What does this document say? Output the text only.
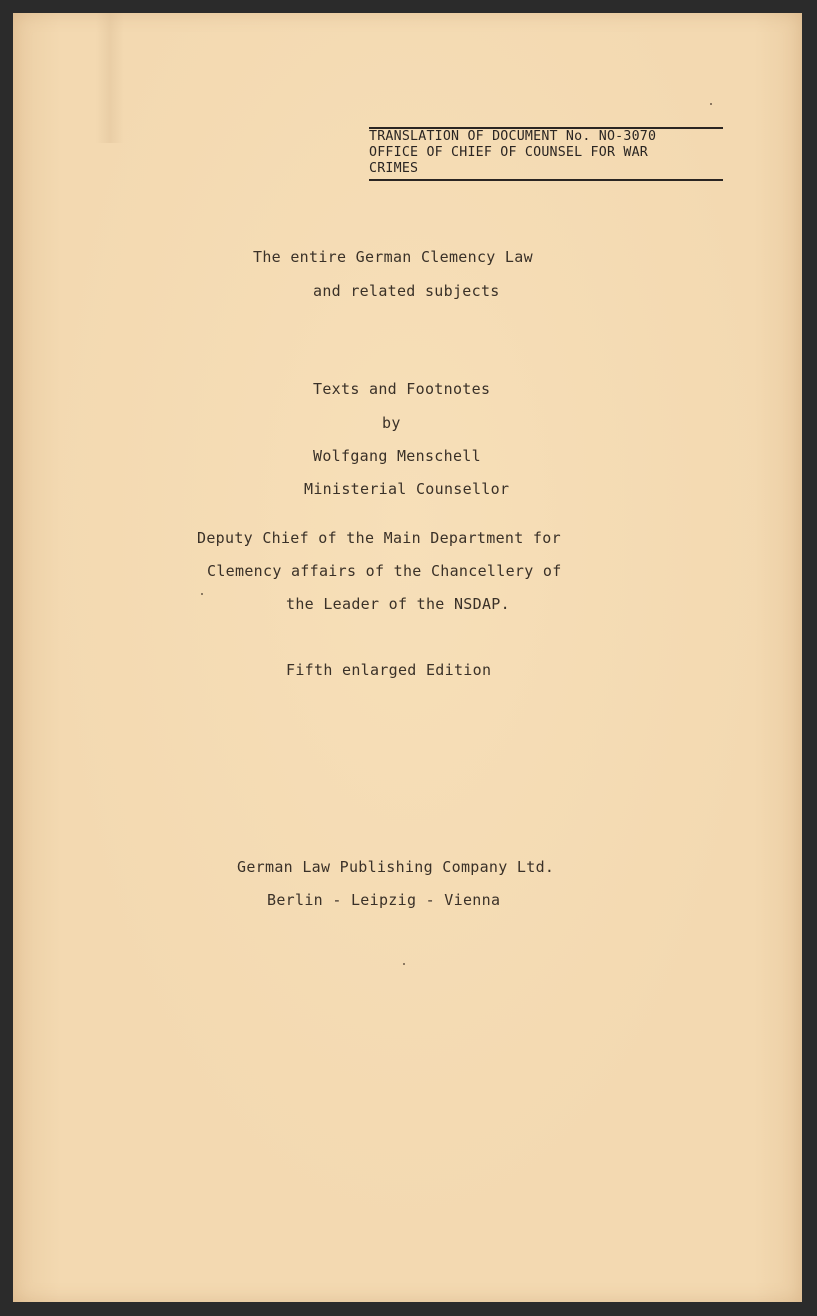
TRANSLATION OF DOCUMENT No. NO-3070
OFFICE OF CHIEF OF COUNSEL FOR WAR
CRIMES
The entire German Clemency Law
and related subjects
Texts and Footnotes
by
Wolfgang Menschell
Ministerial Counsellor
Deputy Chief of the Main Department for
Clemency affairs of the Chancellery of
the Leader of the NSDAP.
Fifth enlarged Edition
German Law Publishing Company Ltd.
Berlin - Leipzig - Vienna
